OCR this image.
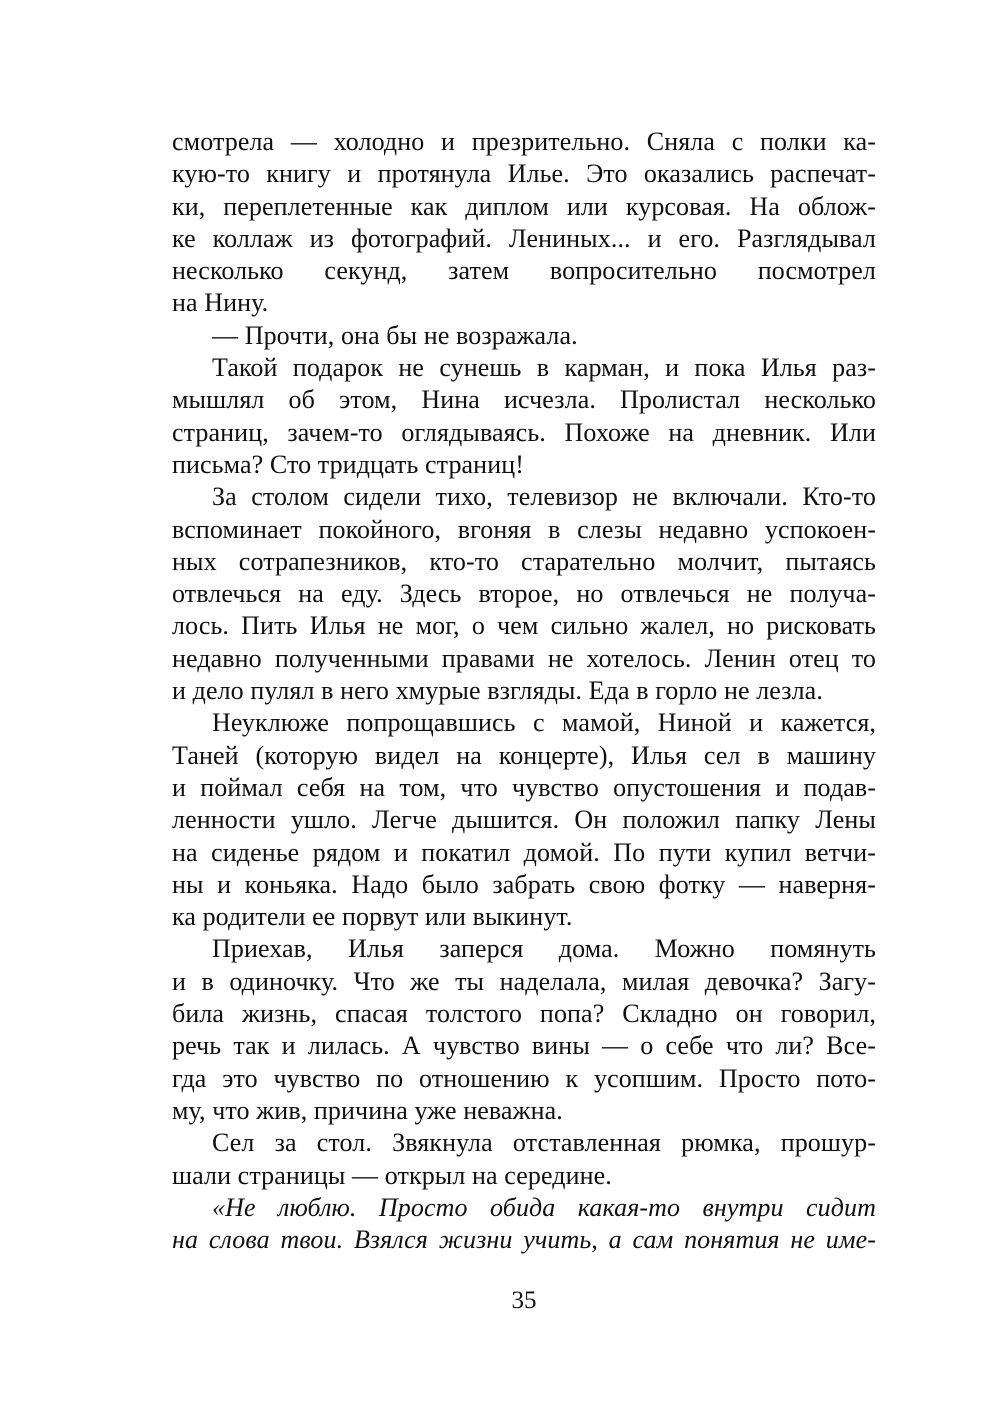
смотрела — холодно и презрительно. Сняла с полки ка-
кую-то книгу и протянула Илье. Это оказались распечат-
ки, переплетенные как диплом или курсовая. На облож-
ке коллаж из фотографий. Лениных... и его. Разглядывал
несколько секунд, затем вопросительно посмотрел
на Нину.
— Прочти, она бы не возражала.
Такой подарок не сунешь в карман, и пока Илья раз-
мышлял об этом, Нина исчезла. Пролистал несколько
страниц, зачем-то оглядываясь. Похоже на дневник. Или
письма? Сто тридцать страниц!
За столом сидели тихо, телевизор не включали. Кто-то
вспоминает покойного, вгоняя в слезы недавно успокоен-
ных сотрапезников, кто-то старательно молчит, пытаясь
отвлечься на еду. Здесь второе, но отвлечься не получа-
лось. Пить Илья не мог, о чем сильно жалел, но рисковать
недавно полученными правами не хотелось. Ленин отец то
и дело пулял в него хмурые взгляды. Еда в горло не лезла.
Неуклюже попрощавшись с мамой, Ниной и кажется,
Таней (которую видел на концерте), Илья сел в машину
и поймал себя на том, что чувство опустошения и подав-
ленности ушло. Легче дышится. Он положил папку Лены
на сиденье рядом и покатил домой. По пути купил ветчи-
ны и коньяка. Надо было забрать свою фотку — наверня-
ка родители ее порвут или выкинут.
Приехав, Илья заперся дома. Можно помянуть
и в одиночку. Что же ты наделала, милая девочка? Загу-
била жизнь, спасая толстого попа? Складно он говорил,
речь так и лилась. А чувство вины — о себе что ли? Все-
гда это чувство по отношению к усопшим. Просто пото-
му, что жив, причина уже неважна.
Сел за стол. Звякнула отставленная рюмка, прошур-
шали страницы — открыл на середине.
«Не люблю. Просто обида какая-то внутри сидит
на слова твои. Взялся жизни учить, а сам понятия не име-
35
